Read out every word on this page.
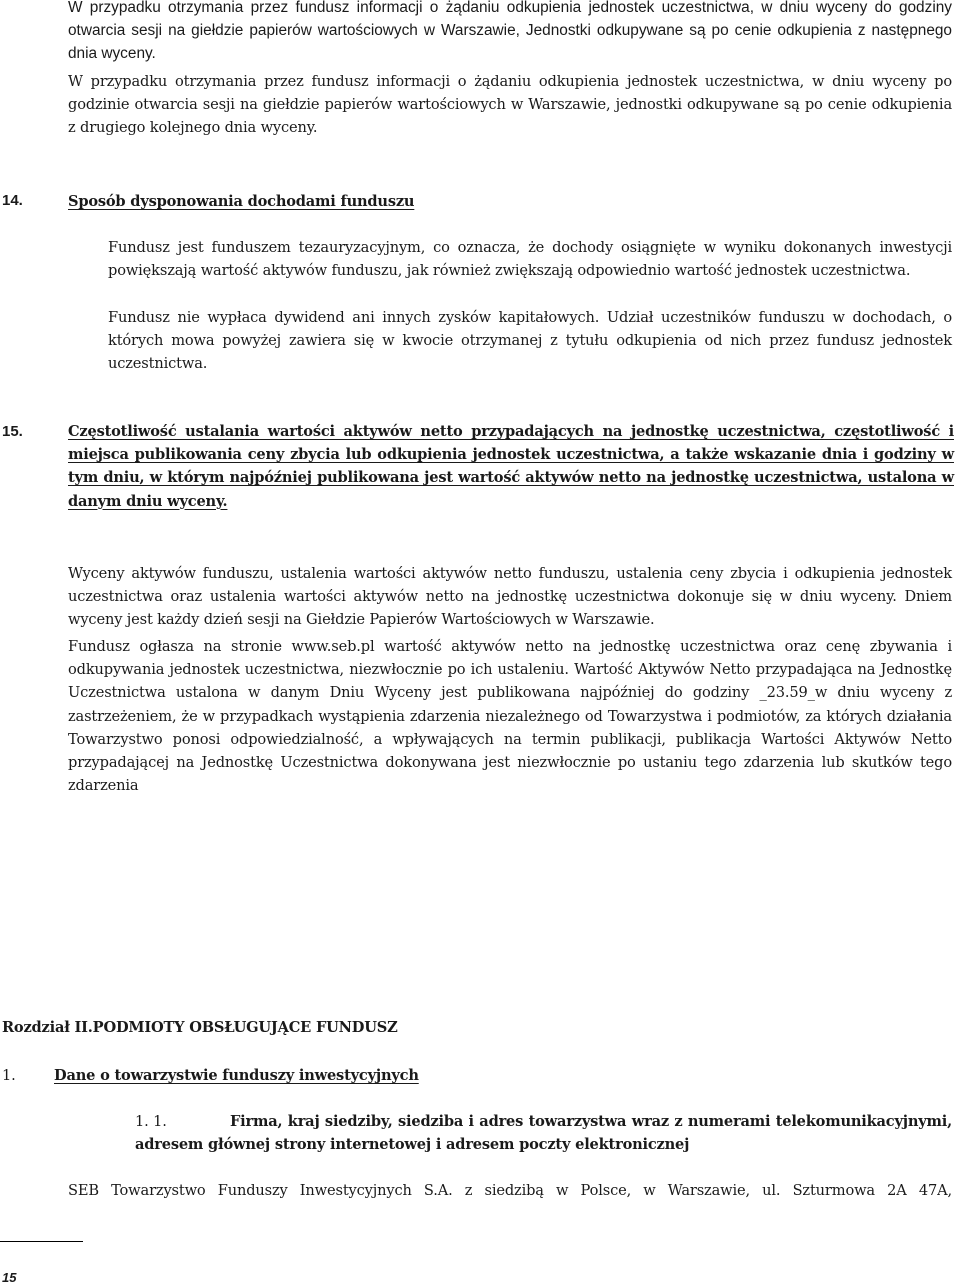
W przypadku otrzymania przez fundusz informacji o żądaniu odkupienia jednostek uczestnictwa, w dniu wyceny do godziny otwarcia sesji na giełdzie papierów wartościowych w Warszawie, Jednostki odkupywane są po cenie odkupienia z następnego dnia wyceny.

W przypadku otrzymania przez fundusz informacji o żądaniu odkupienia jednostek uczestnictwa, w dniu wyceny po godzinie otwarcia sesji na giełdzie papierów wartościowych w Warszawie, jednostki odkupywane są po cenie odkupienia z drugiego kolejnego dnia wyceny.

14.	Sposób dysponowania dochodami funduszu

Fundusz jest funduszem tezauryzacyjnym, co oznacza, że dochody osiągnięte w wyniku dokonanych inwestycji powiększają wartość aktywów funduszu, jak również zwiększają odpowiednio wartość jednostek uczestnictwa.

Fundusz nie wypłaca dywidend ani innych zysków kapitałowych. Udział uczestników funduszu w dochodach, o których mowa powyżej zawiera się w kwocie otrzymanej z tytułu odkupienia od nich przez fundusz jednostek uczestnictwa.

15.	Częstotliwość ustalania wartości aktywów netto przypadających na jednostkę uczestnictwa, częstotliwość i miejsca publikowania ceny zbycia lub odkupienia jednostek uczestnictwa, a także wskazanie dnia i godziny w tym dniu, w którym najpóźniej publikowana jest wartość aktywów netto na jednostkę uczestnictwa, ustalona w danym dniu wyceny.

Wyceny aktywów funduszu, ustalenia wartości aktywów netto funduszu, ustalenia ceny zbycia i odkupienia jednostek uczestnictwa oraz ustalenia wartości aktywów netto na jednostkę uczestnictwa dokonuje się w dniu wyceny. Dniem wyceny jest każdy dzień sesji na Giełdzie Papierów Wartościowych w Warszawie.

Fundusz ogłasza na stronie www.seb.pl wartość aktywów netto na jednostkę uczestnictwa oraz cenę zbywania i odkupywania jednostek uczestnictwa, niezwłocznie po ich ustaleniu. Wartość Aktywów Netto przypadająca na Jednostkę Uczestnictwa ustalona w danym Dniu Wyceny jest publikowana najpóźniej do godziny _23.59_w dniu wyceny z zastrzeżeniem, że w przypadkach wystąpienia zdarzenia niezależnego od Towarzystwa i podmiotów, za których działania Towarzystwo ponosi odpowiedzialność, a wpływających na termin publikacji, publikacja Wartości Aktywów Netto przypadającej na Jednostkę Uczestnictwa dokonywana jest niezwłocznie po ustaniu tego zdarzenia lub skutków tego zdarzenia

Rozdział II.PODMIOTY OBSŁUGUJĄCE FUNDUSZ

1.	Dane o towarzystwie funduszy inwestycyjnych
1. 1.	Firma, kraj siedziby, siedziba i adres towarzystwa wraz z numerami telekomunikacyjnymi, adresem głównej strony internetowej i adresem poczty elektronicznej

SEB Towarzystwo Funduszy Inwestycyjnych S.A. z siedzibą w Polsce, w Warszawie, ul. Szturmowa 2A 47A,

15
